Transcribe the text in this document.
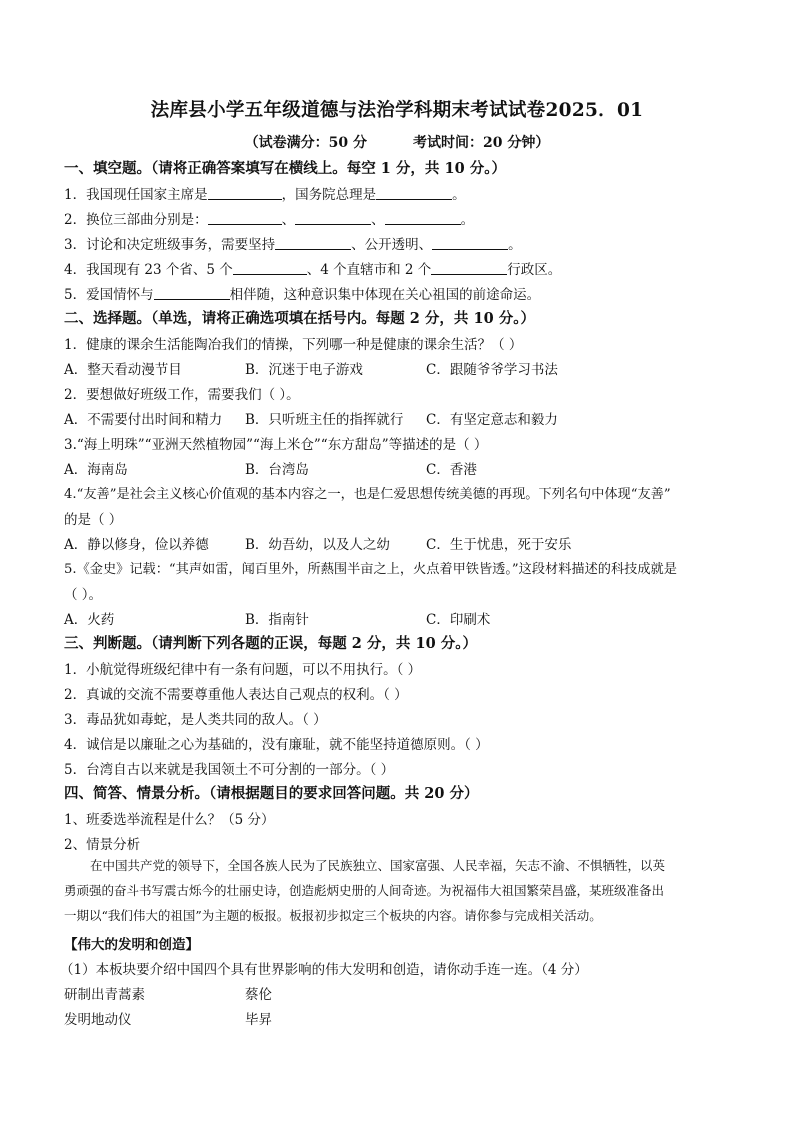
法库县小学五年级道德与法治学科期末考试试卷2025．01
（试卷满分：50 分	考试时间：20 分钟）
一、填空题。（请将正确答案填写在横线上。每空 1 分，共 10 分。）
1．我国现任国家主席是	，国务院总理是	。
2．换位三部曲分别是：	、	、	。
3．讨论和决定班级事务，需要坚持	、公开透明、	。
4．我国现有 23 个省、5 个	、4 个直辖市和 2 个	行政区。
5．爱国情怀与	相伴随，这种意识集中体现在关心祖国的前途命运。
二、选择题。（单选，请将正确选项填在括号内。每题 2 分，共 10 分。）
1．健康的课余生活能陶冶我们的情操，下列哪一种是健康的课余生活？（ ）
A．整天看动漫节目	B．沉迷于电子游戏	C．跟随爷爷学习书法
2．要想做好班级工作，需要我们（ ）。
A．不需要付出时间和精力 B．只听班主任的指挥就行 C．有坚定意志和毅力
3.“海上明珠”“亚洲天然植物园”“海上米仓”“东方甜岛”等描述的是（ ）
A．海南岛	B．台湾岛	C．香港
4.“友善”是社会主义核心价值观的基本内容之一，也是仁爱思想传统美德的再现。下列名句中体现“友善”
的是（ ）
A．静以修身，俭以养德	B．幼吾幼，以及人之幼	C．生于忧患，死于安乐
5.《金史》记载：“其声如雷，闻百里外，所爇围半亩之上，火点着甲铁皆透。”这段材料描述的科技成就是
（ ）。
A．火药	B．指南针	C．印刷术
三、判断题。（请判断下列各题的正误，每题 2 分，共 10 分。）
1．小航觉得班级纪律中有一条有问题，可以不用执行。（ ）
2．真诚的交流不需要尊重他人表达自己观点的权利。（ ）
3．毒品犹如毒蛇，是人类共同的敌人。（ ）
4．诚信是以廉耻之心为基础的，没有廉耻，就不能坚持道德原则。（ ）
5．台湾自古以来就是我国领土不可分割的一部分。（ ）
四、简答、情景分析。（请根据题目的要求回答问题。共 20 分）
1、班委选举流程是什么？（5 分）
2、情景分析
在中国共产党的领导下，全国各族人民为了民族独立、国家富强、人民幸福，矢志不渝、不惧牺牲，以英
勇顽强的奋斗书写震古烁今的壮丽史诗，创造彪炳史册的人间奇迹。为祝福伟大祖国繁荣昌盛，某班级准备出
一期以“我们伟大的祖国”为主题的板报。板报初步拟定三个板块的内容。请你参与完成相关活动。
【伟大的发明和创造】
（1）本板块要介绍中国四个具有世界影响的伟大发明和创造，请你动手连一连。（4 分）
研制出青蒿素	蔡伦
发明地动仪	毕昇
